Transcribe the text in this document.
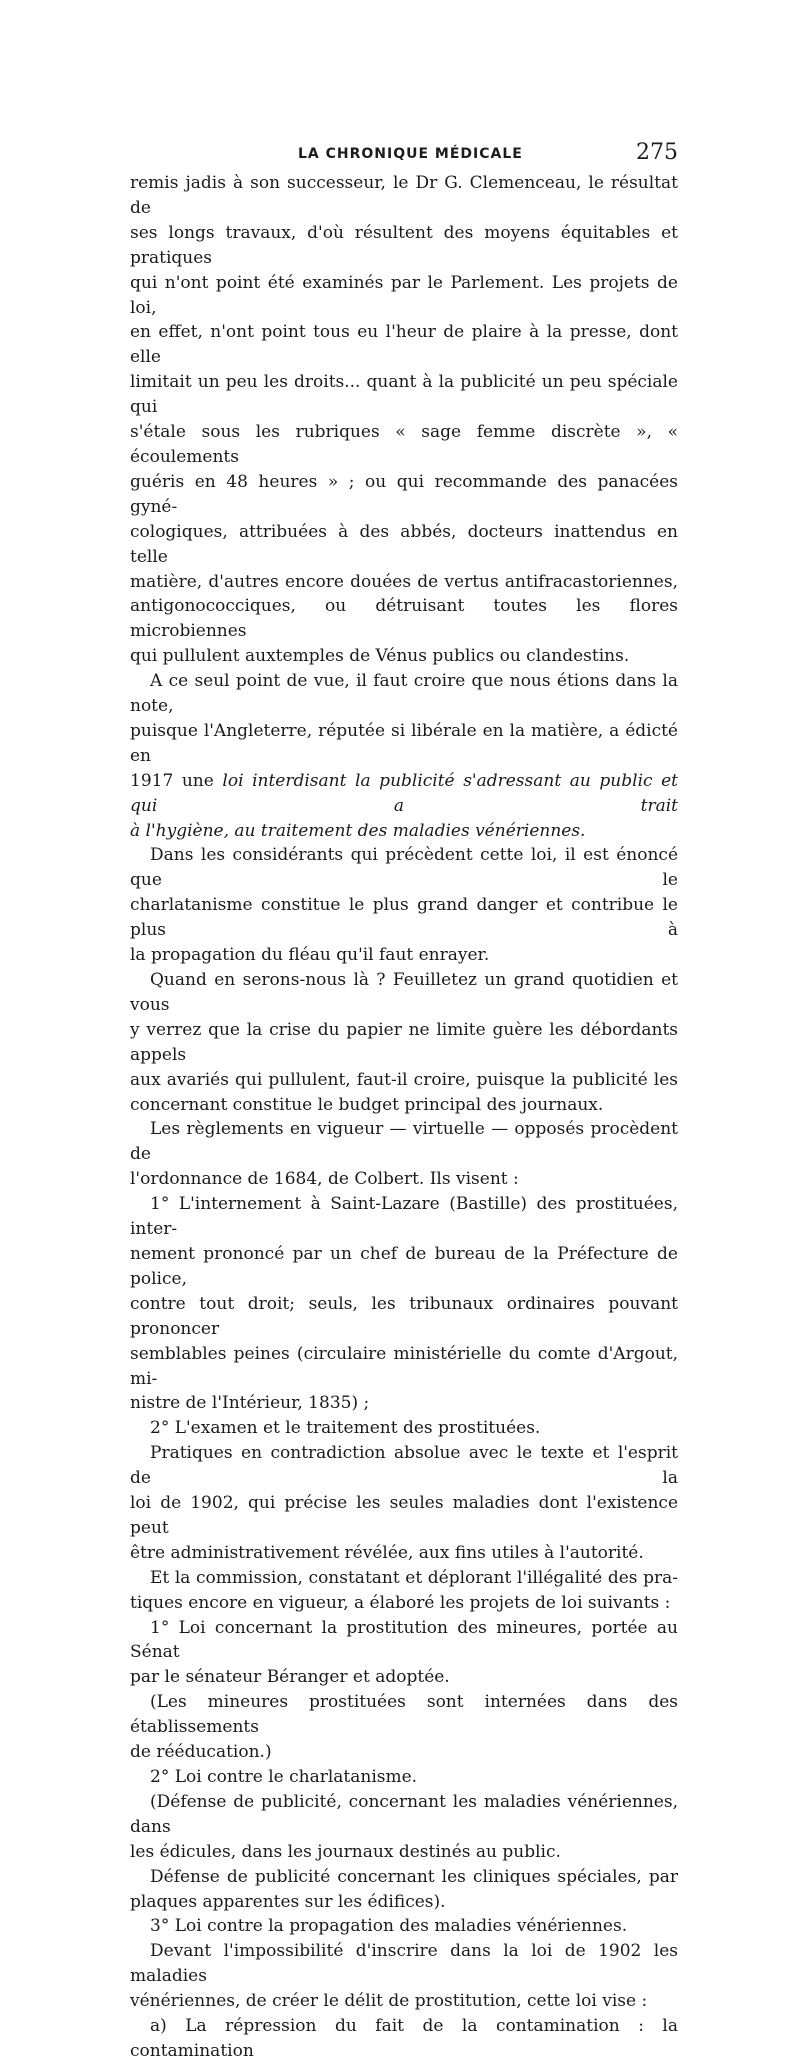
LA CHRONIQUE MÉDICALE	275

remis jadis à son successeur, le Dr G. Clemenceau, le résultat de

ses longs travaux, d'où résultent des moyens équitables et pratiques

qui n'ont point été examinés par le Parlement. Les projets de loi,

en effet, n'ont point tous eu l'heur de plaire à la presse, dont elle

limitait un peu les droits... quant à la publicité un peu spéciale qui

s'étale sous les rubriques « sage femme discrète », « écoulements

guéris en 48 heures » ; ou qui recommande des panacées gyné-

cologiques, attribuées à des abbés, docteurs inattendus en telle

matière, d'autres encore douées de vertus antifracastoriennes,

antigonococciques, ou détruisant toutes les flores microbiennes

qui pullulent auxtemples de Vénus publics ou clandestins.

A ce seul point de vue, il faut croire que nous étions dans la note,

puisque l'Angleterre, réputée si libérale en la matière, a édicté en

1917 une loi interdisant la publicité s'adressant au public et qui a trait

à l'hygiène, au traitement des maladies vénériennes.

Dans les considérants qui précèdent cette loi, il est énoncé que le

charlatanisme constitue le plus grand danger et contribue le plus à

la propagation du fléau qu'il faut enrayer.

Quand en serons-nous là ? Feuilletez un grand quotidien et vous

y verrez que la crise du papier ne limite guère les débordants appels

aux avariés qui pullulent, faut-il croire, puisque la publicité les

concernant constitue le budget principal des journaux.

Les règlements en vigueur — virtuelle — opposés procèdent de

l'ordonnance de 1684, de Colbert. Ils visent :

1° L'internement à Saint-Lazare (Bastille) des prostituées, inter-

nement prononcé par un chef de bureau de la Préfecture de police,

contre tout droit; seuls, les tribunaux ordinaires pouvant prononcer

semblables peines (circulaire ministérielle du comte d'Argout, mi-

nistre de l'Intérieur, 1835) ;

2° L'examen et le traitement des prostituées.

Pratiques en contradiction absolue avec le texte et l'esprit de la

loi de 1902, qui précise les seules maladies dont l'existence peut

être administrativement révélée, aux fins utiles à l'autorité.

Et la commission, constatant et déplorant l'illégalité des pra-

tiques encore en vigueur, a élaboré les projets de loi suivants :

1° Loi concernant la prostitution des mineures, portée au Sénat

par le sénateur Béranger et adoptée.

(Les mineures prostituées sont internées dans des établissements

de rééducation.)

2° Loi contre le charlatanisme.

(Défense de publicité, concernant les maladies vénériennes, dans

les édicules, dans les journaux destinés au public.

Défense de publicité concernant les cliniques spéciales, par

plaques apparentes sur les édifices).

3° Loi contre la propagation des maladies vénériennes.

Devant l'impossibilité d'inscrire dans la loi de 1902 les maladies

vénériennes, de créer le délit de prostitution, cette loi vise :

a) La répression du fait de la contamination : la contamination
